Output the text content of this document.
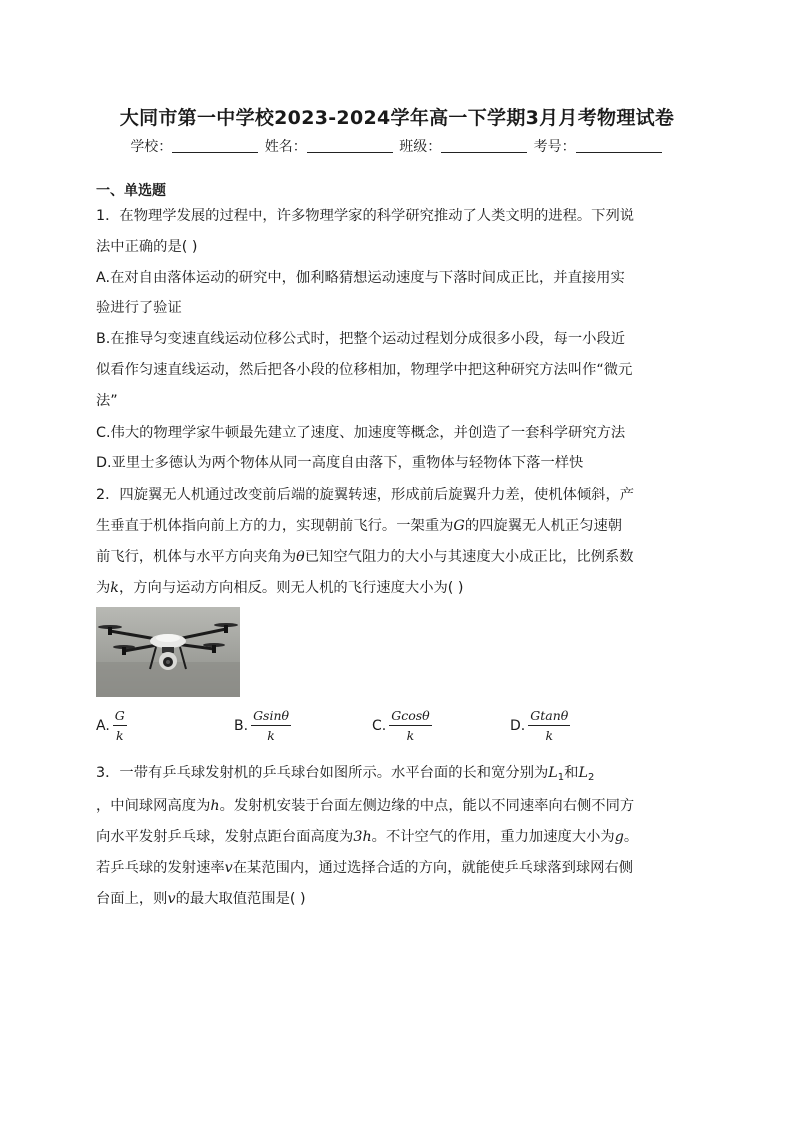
大同市第一中学校2023-2024学年高一下学期3月月考物理试卷
学校：	姓名：	班级：	考号：
一、单选题
1．在物理学发展的过程中，许多物理学家的科学研究推动了人类文明的进程。下列说
法中正确的是( )
A.在对自由落体运动的研究中，伽利略猜想运动速度与下落时间成正比，并直接用实
验进行了验证
B.在推导匀变速直线运动位移公式时，把整个运动过程划分成很多小段，每一小段近
似看作匀速直线运动，然后把各小段的位移相加，物理学中把这种研究方法叫作“微元
法”
C.伟大的物理学家牛顿最先建立了速度、加速度等概念，并创造了一套科学研究方法
D.亚里士多德认为两个物体从同一高度自由落下，重物体与轻物体下落一样快
2．四旋翼无人机通过改变前后端的旋翼转速，形成前后旋翼升力差，使机体倾斜，产
生垂直于机体指向前上方的力，实现朝前飞行。一架重为G的四旋翼无人机正匀速朝
前飞行，机体与水平方向夹角为θ已知空气阻力的大小与其速度大小成正比，比例系数
为k，方向与运动方向相反。则无人机的飞行速度大小为( )
A. $\frac{G}{k}$	B. $\frac{Gsin\theta}{k}$	C. $\frac{Gcos\theta}{k}$	D. $\frac{Gtan\theta}{k}$
3．一带有乒乓球发射机的乒乓球台如图所示。水平台面的长和宽分别为$L_1$和$L_2$
，中间球网高度为h。发射机安装于台面左侧边缘的中点，能以不同速率向右侧不同方
向水平发射乒乓球，发射点距台面高度为3h。不计空气的作用，重力加速度大小为g。
若乒乓球的发射速率v在某范围内，通过选择合适的方向，就能使乒乓球落到球网右侧
台面上，则v的最大取值范围是( )
